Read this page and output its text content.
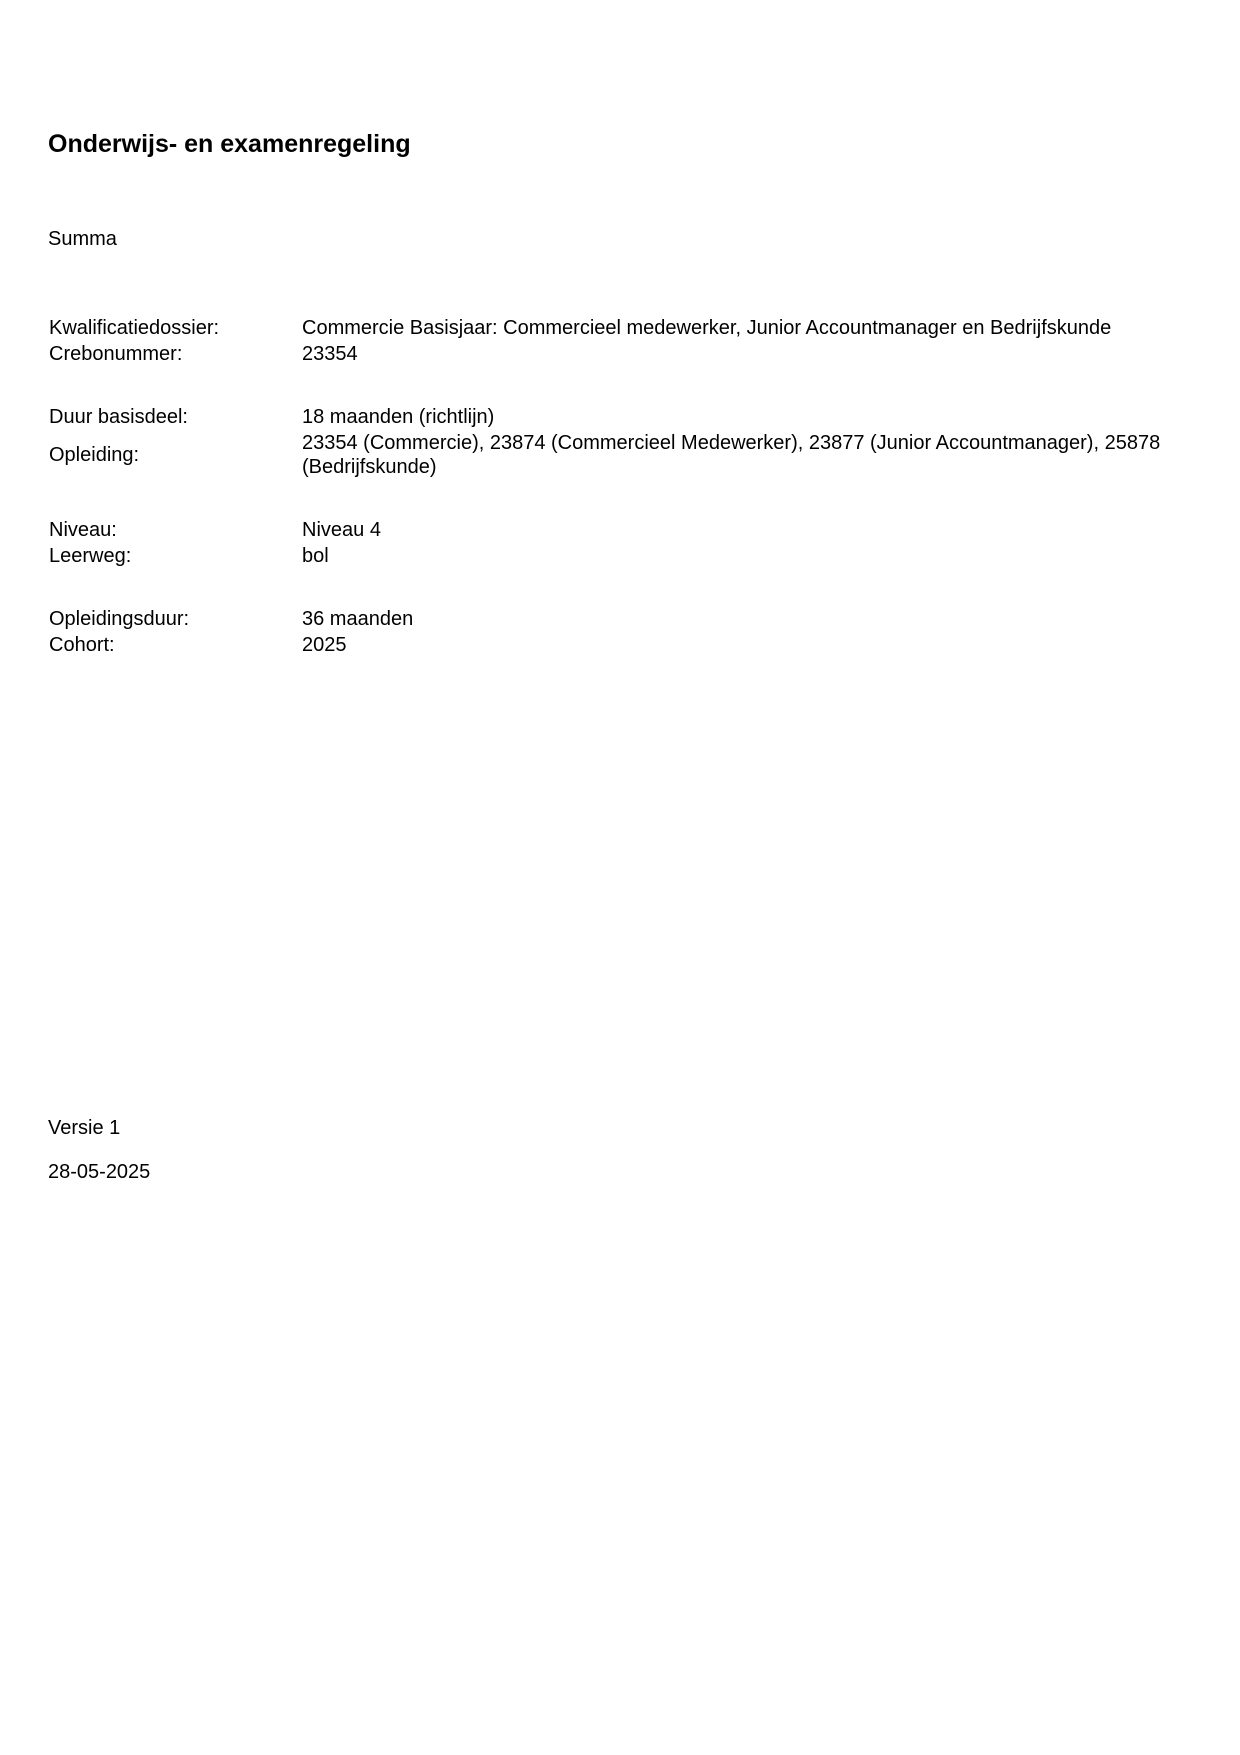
Onderwijs- en examenregeling
Summa
Kwalificatiedossier:	Commercie Basisjaar: Commercieel medewerker, Junior Accountmanager en Bedrijfskunde
Crebonummer:	23354
Duur basisdeel:	18 maanden (richtlijn)
Opleiding:
23354 (Commercie), 23874 (Commercieel Medewerker), 23877 (Junior Accountmanager), 25878 (Bedrijfskunde)
Niveau:	Niveau 4
Leerweg:	bol
Opleidingsduur:	36 maanden
Cohort:	2025
Versie 1
28-05-2025
